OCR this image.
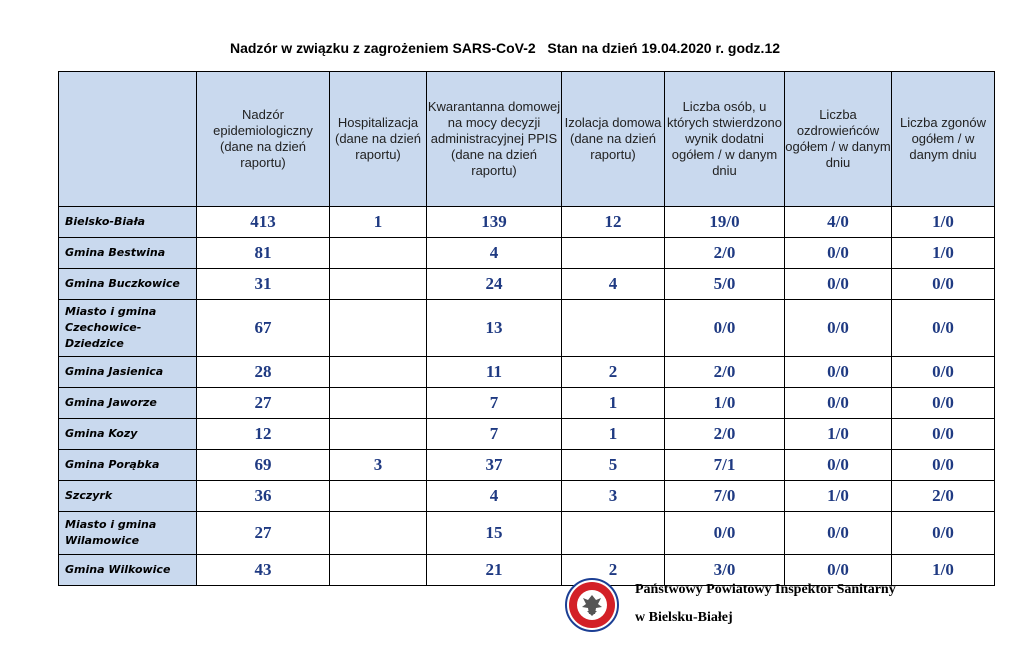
Nadzór w związku z zagrożeniem SARS-CoV-2   Stan na dzień 19.04.2020 r. godz.12
	Nadzór epidemiologiczny (dane na dzień raportu)	Hospitalizacja (dane na dzień raportu)	Kwarantanna domowej na mocy decyzji administracyjnej PPIS (dane na dzień raportu)	Izolacja domowa (dane na dzień raportu)	Liczba osób, u których stwierdzono wynik dodatni ogółem / w danym dniu	Liczba ozdrowieńców ogółem / w danym dniu	Liczba zgonów ogółem / w danym dniu
Bielsko-Biała	413	1	139	12	19/0	4/0	1/0
Gmina Bestwina	81		4		2/0	0/0	1/0
Gmina Buczkowice	31		24	4	5/0	0/0	0/0
Miasto i gmina Czechowice-Dziedzice	67		13		0/0	0/0	0/0
Gmina Jasienica	28		11	2	2/0	0/0	0/0
Gmina Jaworze	27		7	1	1/0	0/0	0/0
Gmina Kozy	12		7	1	2/0	1/0	0/0
Gmina Porąbka	69	3	37	5	7/1	0/0	0/0
Szczyrk	36		4	3	7/0	1/0	2/0
Miasto i gmina Wilamowice	27		15		0/0	0/0	0/0
Gmina Wilkowice	43		21	2	3/0	0/0	1/0
Państwowy Powiatowy Inspektor Sanitarny
w Bielsku-Białej
